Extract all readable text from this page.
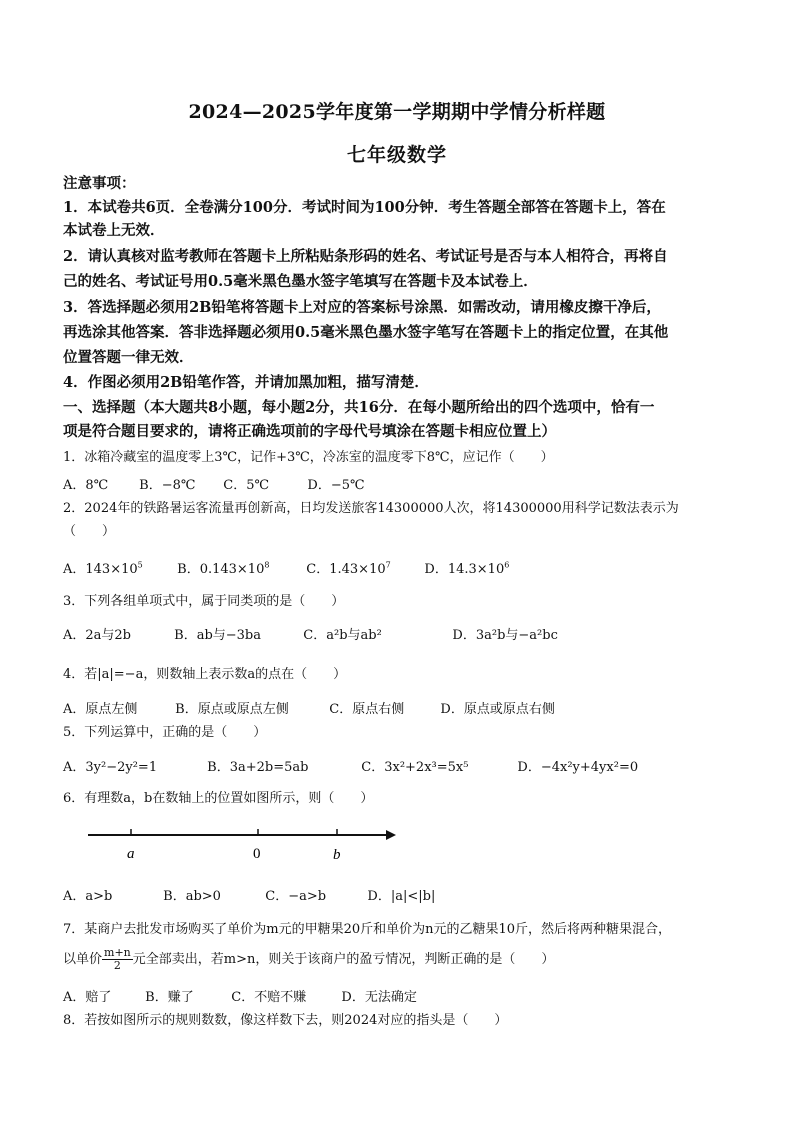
2024—2025学年度第一学期期中学情分析样题
七年级数学
注意事项：
1．本试卷共6页．全卷满分100分．考试时间为100分钟．考生答题全部答在答题卡上，答在
本试卷上无效．
2．请认真核对监考教师在答题卡上所粘贴条形码的姓名、考试证号是否与本人相符合，再将自
己的姓名、考试证号用0.5毫米黑色墨水签字笔填写在答题卡及本试卷上．
3．答选择题必须用2B铅笔将答题卡上对应的答案标号涂黑．如需改动，请用橡皮擦干净后，
再选涂其他答案．答非选择题必须用0.5毫米黑色墨水签字笔写在答题卡上的指定位置，在其他
位置答题一律无效．
4．作图必须用2B铅笔作答，并请加黑加粗，描写清楚．
一、选择题（本大题共8小题，每小题2分，共16分．在每小题所给出的四个选项中，恰有一
项是符合题目要求的，请将正确选项前的字母代号填涂在答题卡相应位置上）
1．冰箱冷藏室的温度零上3℃，记作+3℃，冷冻室的温度零下8℃，应记作（　　）
A．8℃ B．−8℃ C．5℃	D．−5℃
2．2024年的铁路暑运客流量再创新高，日均发送旅客14300000人次，将14300000用科学记数法表示为
（　　）
A．$143\times 10^5$	B．$0.143\times 10^8$	C．$1.43\times 10^7$	D．$14.3\times 10^6$
3．下列各组单项式中，属于同类项的是（　　）
A．2a与2b	B．ab与−3ba	C．a²b与ab²	D．3a²b与−a²bc
4．若|a|=−a，则数轴上表示数a的点在（　　）
A．原点左侧	B．原点或原点左侧	C．原点右侧	D．原点或原点右侧
5．下列运算中，正确的是（　　）
A．3y²−2y²=1	B．3a+2b=5ab	C．3x²+2x³=5x⁵	D．−4x²y+4yx²=0
6．有理数a，b在数轴上的位置如图所示，则（　　）
a	0	b
A．a>b	B．ab>0	C．−a>b	D．|a|<|b|
7．某商户去批发市场购买了单价为m元的甲糖果20斤和单价为n元的乙糖果10斤，然后将两种糖果混合，
以单价 $\frac{m+n}{2}$ 元全部卖出，若m>n，则关于该商户的盈亏情况，判断正确的是（　　）
A．赔了	B．赚了	C．不赔不赚	D．无法确定
8．若按如图所示的规则数数，像这样数下去，则2024对应的指头是（　　）
